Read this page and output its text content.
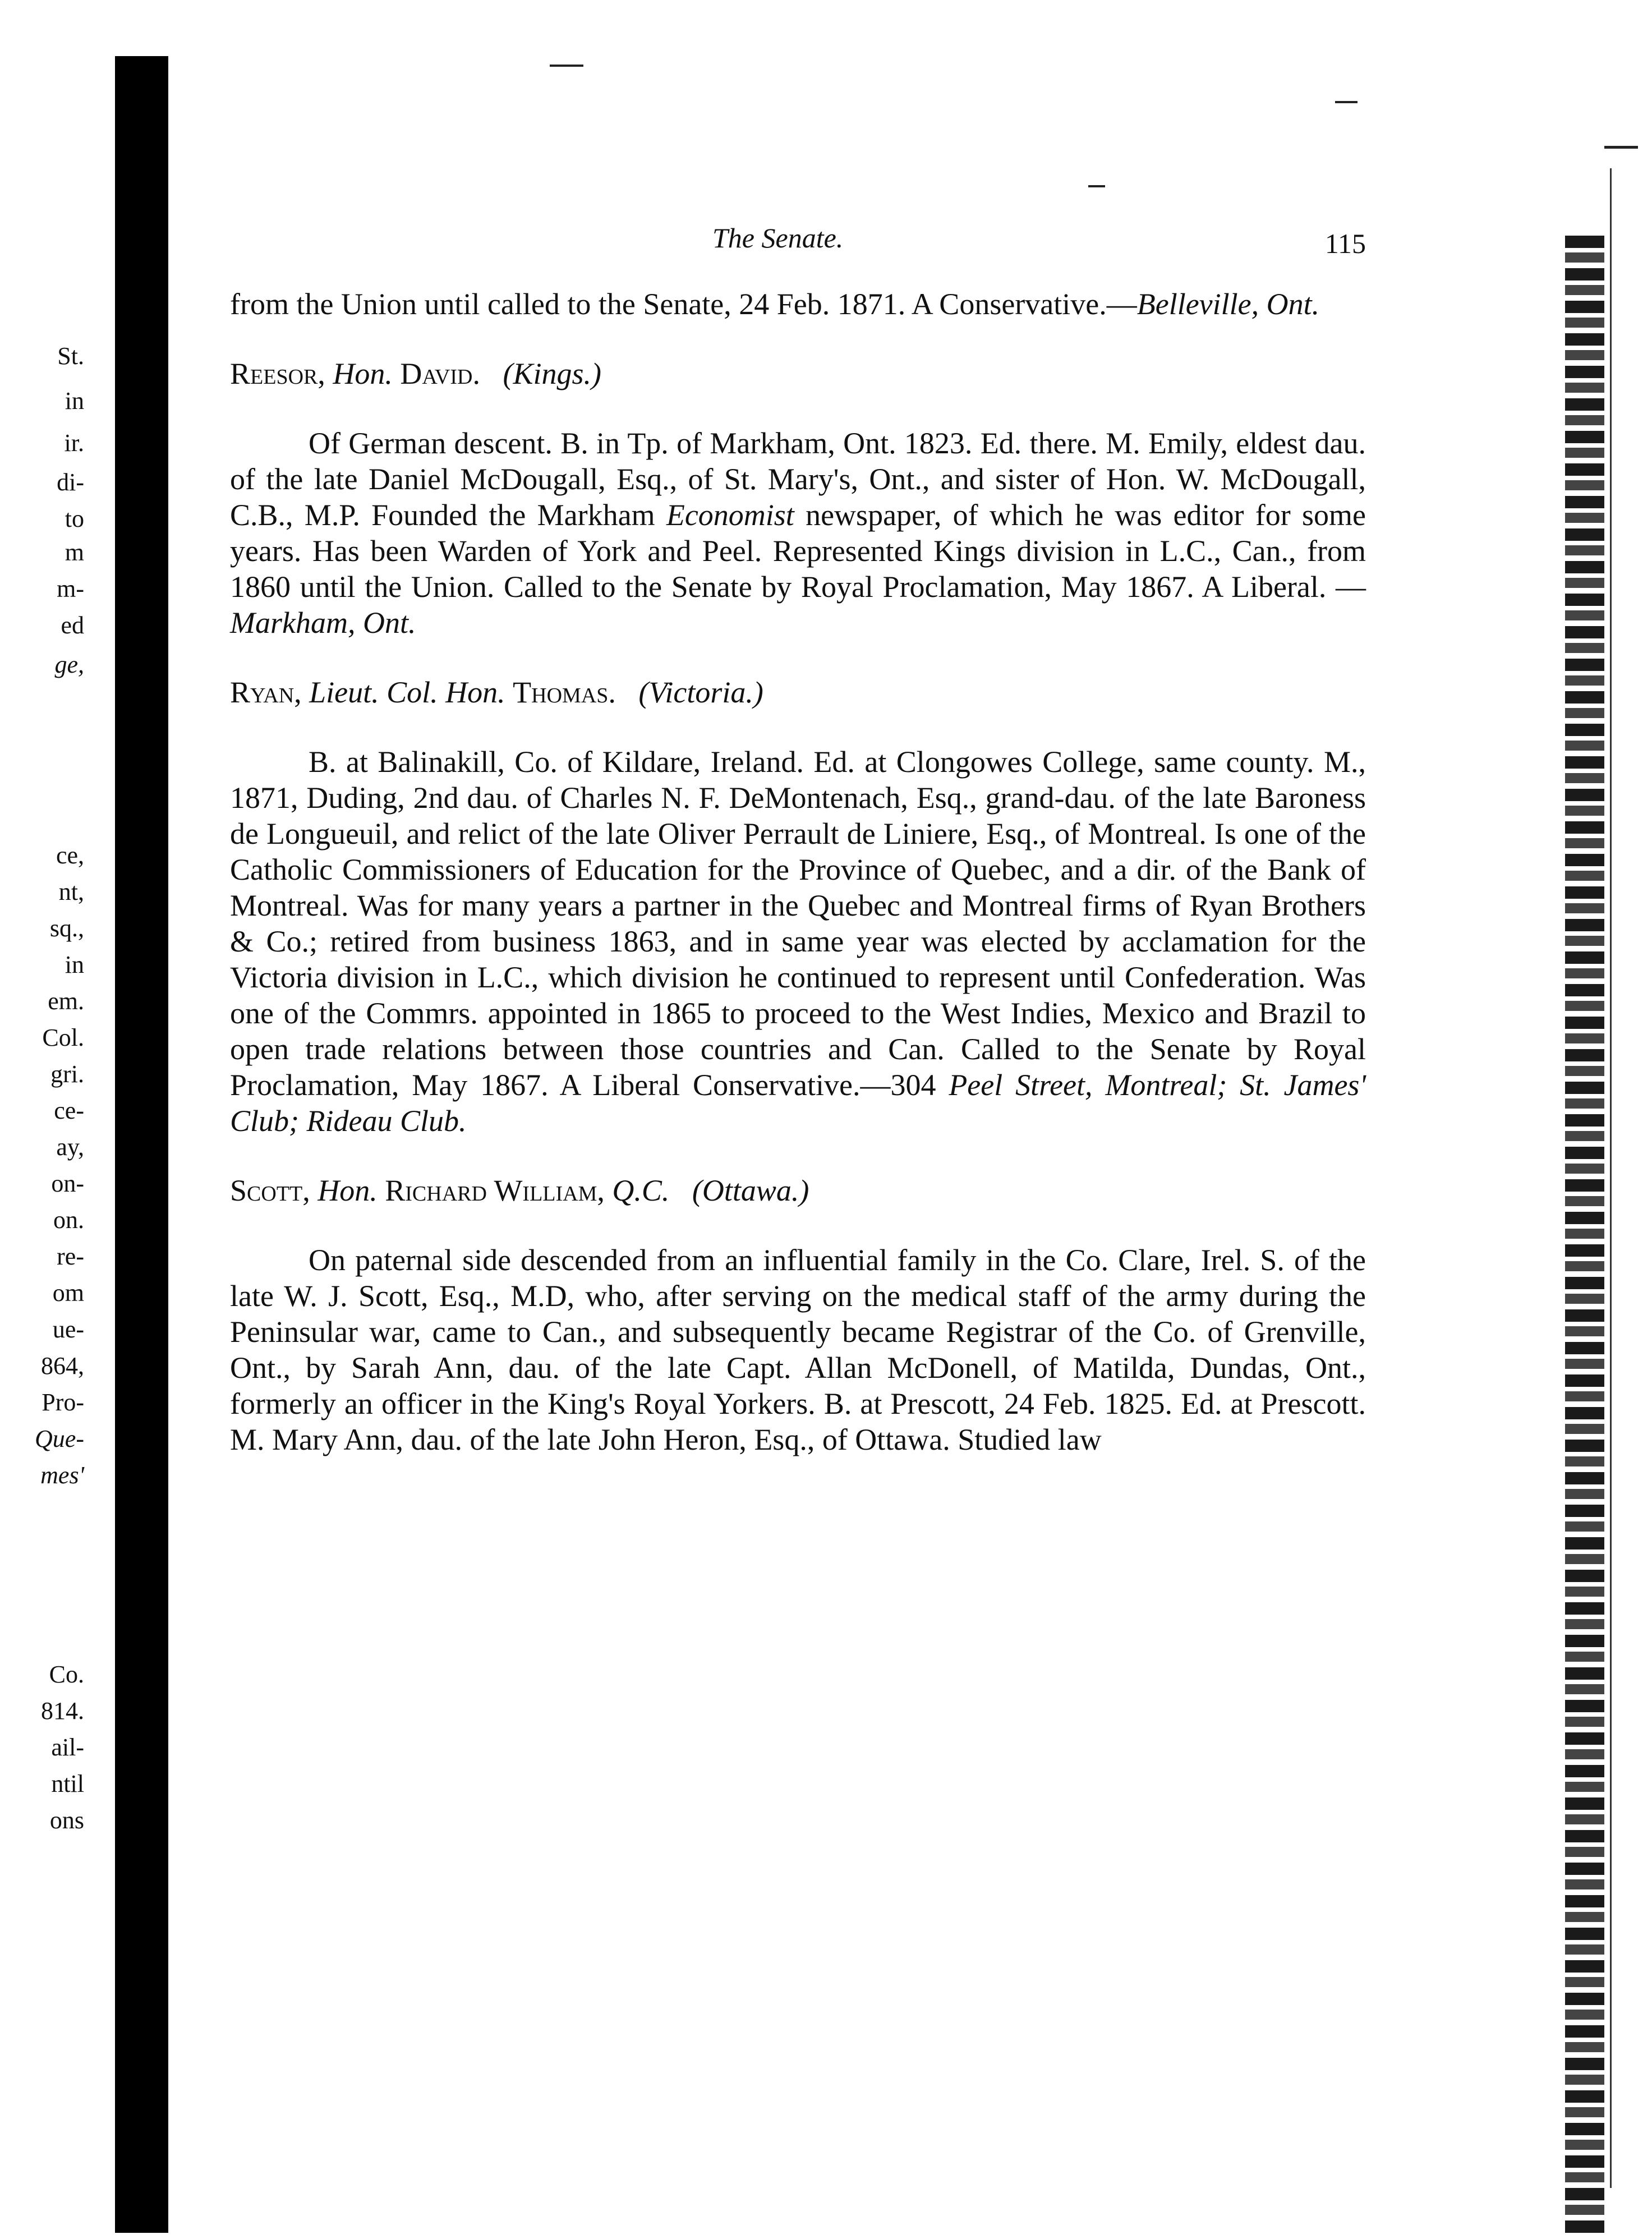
St.
in
ir.
di-
to
m
m-
ed
ge,
ce,
nt,
sq.,
in
em.
Col.
gri.
ce-
ay,
on-
on.
re-
om
ue-
864,
Pro-
Que-
mes'
Co.
814.
ail-
ntil
ons
The Senate.	115

from the Union until called to the Senate, 24 Feb. 1871. A Conservative.—Belleville, Ont.

Reesor, Hon. David. (Kings.)

Of German descent. B. in Tp. of Markham, Ont. 1823. Ed. there. M. Emily, eldest dau. of the late Daniel McDougall, Esq., of St. Mary's, Ont., and sister of Hon. W. McDougall, C.B., M.P. Founded the Markham Economist newspaper, of which he was editor for some years. Has been Warden of York and Peel. Represented Kings division in L.C., Can., from 1860 until the Union. Called to the Senate by Royal Proclamation, May 1867. A Liberal. —Markham, Ont.

Ryan, Lieut. Col. Hon. Thomas. (Victoria.)

B. at Balinakill, Co. of Kildare, Ireland. Ed. at Clongowes College, same county. M., 1871, Duding, 2nd dau. of Charles N. F. DeMontenach, Esq., grand-dau. of the late Baroness de Longueuil, and relict of the late Oliver Perrault de Liniere, Esq., of Montreal. Is one of the Catholic Commissioners of Education for the Province of Quebec, and a dir. of the Bank of Montreal. Was for many years a partner in the Quebec and Montreal firms of Ryan Brothers & Co.; retired from business 1863, and in same year was elected by acclamation for the Victoria division in L.C., which division he continued to represent until Confederation. Was one of the Commrs. appointed in 1865 to proceed to the West Indies, Mexico and Brazil to open trade relations between those countries and Can. Called to the Senate by Royal Proclamation, May 1867. A Liberal Conservative.—304 Peel Street, Montreal; St. James' Club; Rideau Club.

Scott, Hon. Richard William, Q.C. (Ottawa.)

On paternal side descended from an influential family in the Co. Clare, Irel. S. of the late W. J. Scott, Esq., M.D, who, after serving on the medical staff of the army during the Peninsular war, came to Can., and subsequently became Registrar of the Co. of Grenville, Ont., by Sarah Ann, dau. of the late Capt. Allan McDonell, of Matilda, Dundas, Ont., formerly an officer in the King's Royal Yorkers. B. at Prescott, 24 Feb. 1825. Ed. at Prescott. M. Mary Ann, dau. of the late John Heron, Esq., of Ottawa. Studied law
